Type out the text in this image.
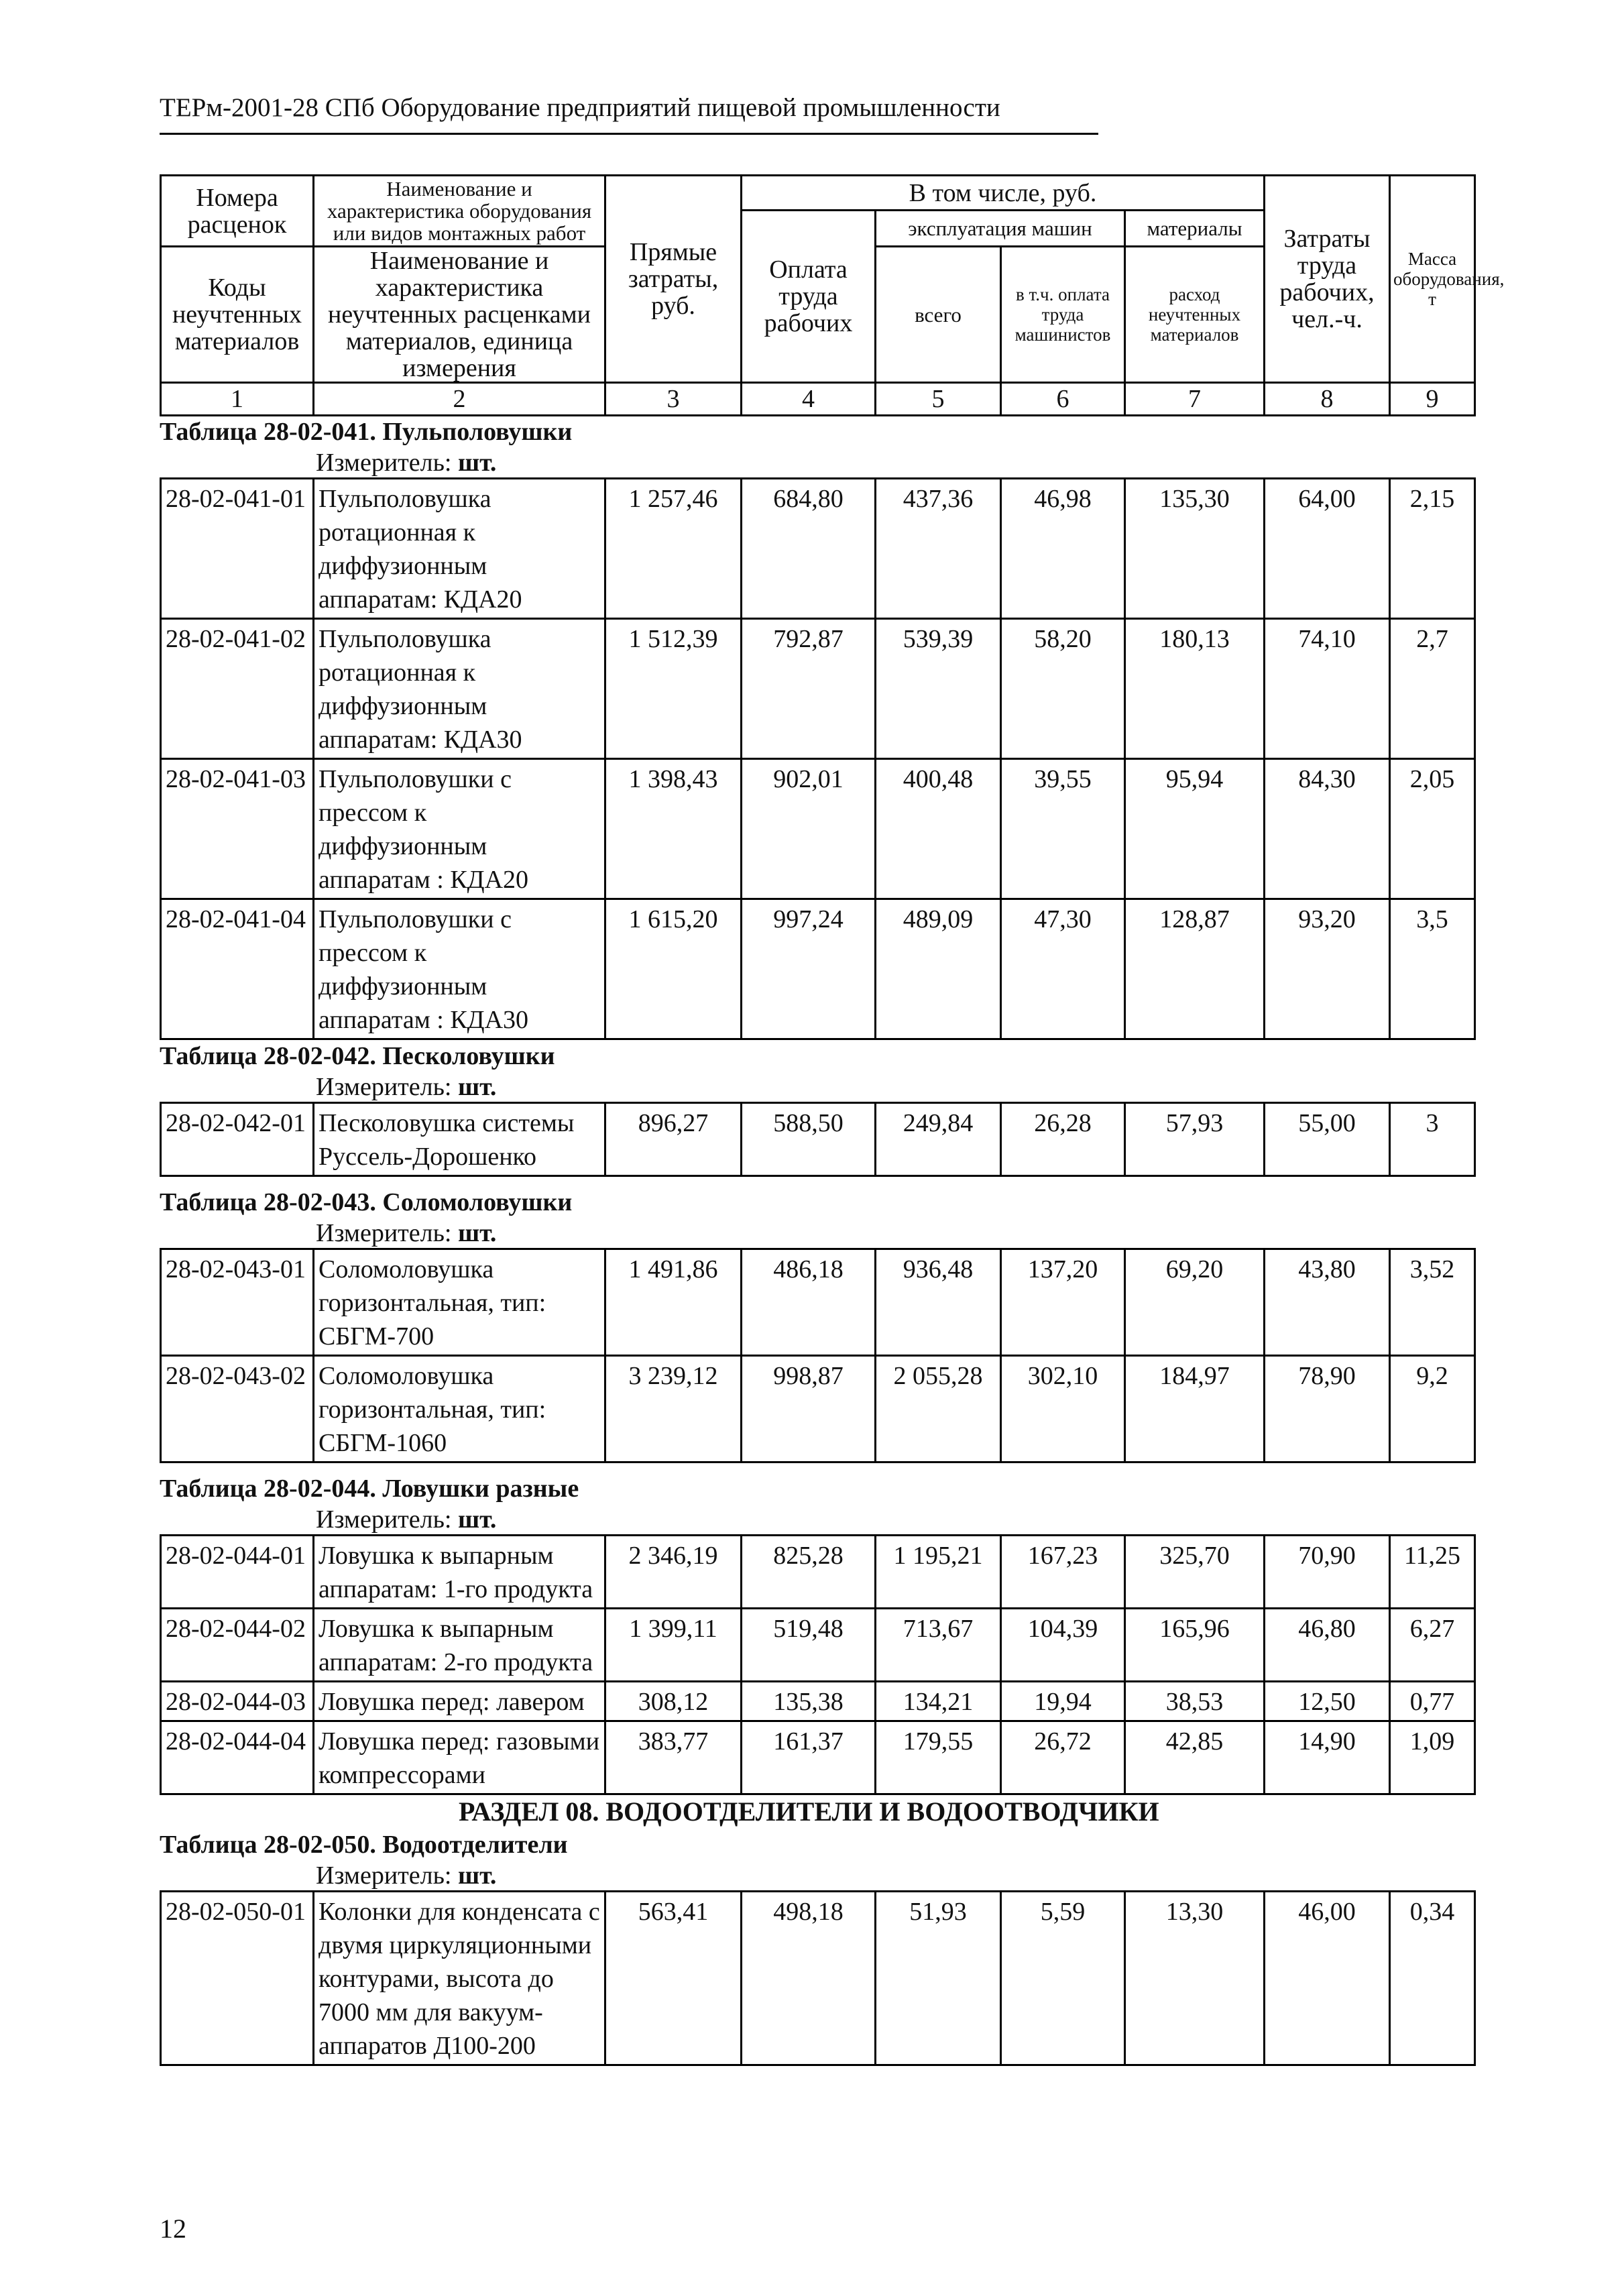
ТЕРм-2001-28 СПб Оборудование предприятий пищевой промышленности
Номера расценок	Наименование и характеристика оборудования или видов монтажных работ	Прямые затраты, руб.	В том числе, руб.				Затраты труда рабочих, чел.-ч.	Масса оборудования, т
			Оплата труда рабочих	эксплуатация машин		материалы		
Коды неучтенных материалов	Наименование и характеристика неучтенных расценками материалов, единица измерения			всего	в т.ч. оплата труда машинистов	расход неучтенных материалов		

1	2	3	4	5	6	7	8	9
Таблица 28-02-041. Пульполовушки
Измеритель: шт.
28-02-041-01	Пульполовушка ротационная к диффузионным аппаратам: КДА20	1 257,46	684,80	437,36	46,98	135,30	64,00	2,15
28-02-041-02	Пульполовушка ротационная к диффузионным аппаратам: КДА30	1 512,39	792,87	539,39	58,20	180,13	74,10	2,7
28-02-041-03	Пульполовушки с прессом к диффузионным аппаратам : КДА20	1 398,43	902,01	400,48	39,55	95,94	84,30	2,05
28-02-041-04	Пульполовушки с прессом к диффузионным аппаратам : КДА30	1 615,20	997,24	489,09	47,30	128,87	93,20	3,5
Таблица 28-02-042. Песколовушки
Измеритель: шт.
28-02-042-01	Песколовушка системы Руссель-Дорошенко	896,27	588,50	249,84	26,28	57,93	55,00	3
Таблица 28-02-043. Соломоловушки
Измеритель: шт.
28-02-043-01	Соломоловушка горизонтальная, тип: СБГМ-700	1 491,86	486,18	936,48	137,20	69,20	43,80	3,52
28-02-043-02	Соломоловушка горизонтальная, тип: СБГМ-1060	3 239,12	998,87	2 055,28	302,10	184,97	78,90	9,2
Таблица 28-02-044. Ловушки разные
Измеритель: шт.
28-02-044-01	Ловушка к выпарным аппаратам: 1-го продукта	2 346,19	825,28	1 195,21	167,23	325,70	70,90	11,25
28-02-044-02	Ловушка к выпарным аппаратам: 2-го продукта	1 399,11	519,48	713,67	104,39	165,96	46,80	6,27
28-02-044-03	Ловушка перед: лавером	308,12	135,38	134,21	19,94	38,53	12,50	0,77
28-02-044-04	Ловушка перед: газовыми компрессорами	383,77	161,37	179,55	26,72	42,85	14,90	1,09
РАЗДЕЛ 08. ВОДООТДЕЛИТЕЛИ И ВОДООТВОДЧИКИ
Таблица 28-02-050. Водоотделители
Измеритель: шт.
28-02-050-01	Колонки для конденсата с двумя циркуляционными контурами, высота до 7000 мм для вакуум-аппаратов Д100-200	563,41	498,18	51,93	5,59	13,30	46,00	0,34
12
